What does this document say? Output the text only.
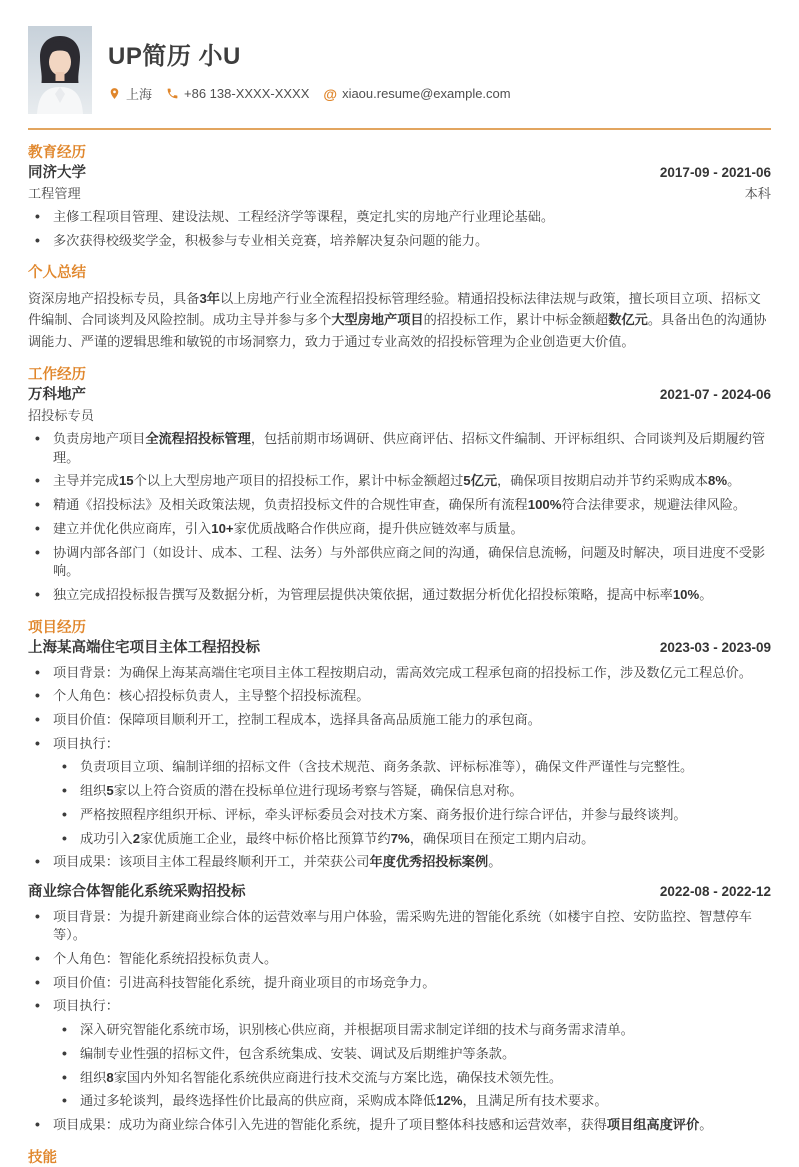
UP简历 小U
上海 +86 138-XXXX-XXXX @ xiaou.resume@example.com
教育经历
同济大学	2017-09 - 2021-06
工程管理	本科
• 主修工程项目管理、建设法规、工程经济学等课程，奠定扎实的房地产行业理论基础。
• 多次获得校级奖学金，积极参与专业相关竞赛，培养解决复杂问题的能力。
个人总结

资深房地产招投标专员，具备3年以上房地产行业全流程招投标管理经验。精通招投标法律法规与政策，擅长项目立项、招标文件编制、合同谈判及风险控制。成功主导并参与多个大型房地产项目的招投标工作，累计中标金额超数亿元。具备出色的沟通协调能力、严谨的逻辑思维和敏锐的市场洞察力，致力于通过专业高效的招投标管理为企业创造更大价值。

工作经历
万科地产	2021-07 - 2024-06
招投标专员
• 负责房地产项目全流程招投标管理，包括前期市场调研、供应商评估、招标文件编制、开评标组织、合同谈判及后期履约管理。
• 主导并完成15个以上大型房地产项目的招投标工作，累计中标金额超过5亿元，确保项目按期启动并节约采购成本8%。
• 精通《招投标法》及相关政策法规，负责招投标文件的合规性审查，确保所有流程100%符合法律要求，规避法律风险。
• 建立并优化供应商库，引入10+家优质战略合作供应商，提升供应链效率与质量。
• 协调内部各部门（如设计、成本、工程、法务）与外部供应商之间的沟通，确保信息流畅，问题及时解决，项目进度不受影响。
• 独立完成招投标报告撰写及数据分析，为管理层提供决策依据，通过数据分析优化招投标策略，提高中标率10%。
项目经历
上海某高端住宅项目主体工程招投标	2023-03 - 2023-09
• 项目背景：为确保上海某高端住宅项目主体工程按期启动，需高效完成工程承包商的招投标工作，涉及数亿元工程总价。
• 个人角色：核心招投标负责人，主导整个招投标流程。
• 项目价值：保障项目顺利开工，控制工程成本，选择具备高品质施工能力的承包商。
• 项目执行：
• 负责项目立项、编制详细的招标文件（含技术规范、商务条款、评标标准等），确保文件严谨性与完整性。
• 组织5家以上符合资质的潜在投标单位进行现场考察与答疑，确保信息对称。
• 严格按照程序组织开标、评标，牵头评标委员会对技术方案、商务报价进行综合评估，并参与最终谈判。
• 成功引入2家优质施工企业，最终中标价格比预算节约7%，确保项目在预定工期内启动。
• 项目成果：该项目主体工程最终顺利开工，并荣获公司年度优秀招投标案例。
商业综合体智能化系统采购招投标	2022-08 - 2022-12
• 项目背景：为提升新建商业综合体的运营效率与用户体验，需采购先进的智能化系统（如楼宇自控、安防监控、智慧停车等）。
• 个人角色：智能化系统招投标负责人。
• 项目价值：引进高科技智能化系统，提升商业项目的市场竞争力。
• 项目执行：
• 深入研究智能化系统市场，识别核心供应商，并根据项目需求制定详细的技术与商务需求清单。
• 编制专业性强的招标文件，包含系统集成、安装、调试及后期维护等条款。
• 组织8家国内外知名智能化系统供应商进行技术交流与方案比选，确保技术领先性。
• 通过多轮谈判，最终选择性价比最高的供应商，采购成本降低12%，且满足所有技术要求。
• 项目成果：成功为商业综合体引入先进的智能化系统，提升了项目整体科技感和运营效率，获得项目组高度评价。
技能
